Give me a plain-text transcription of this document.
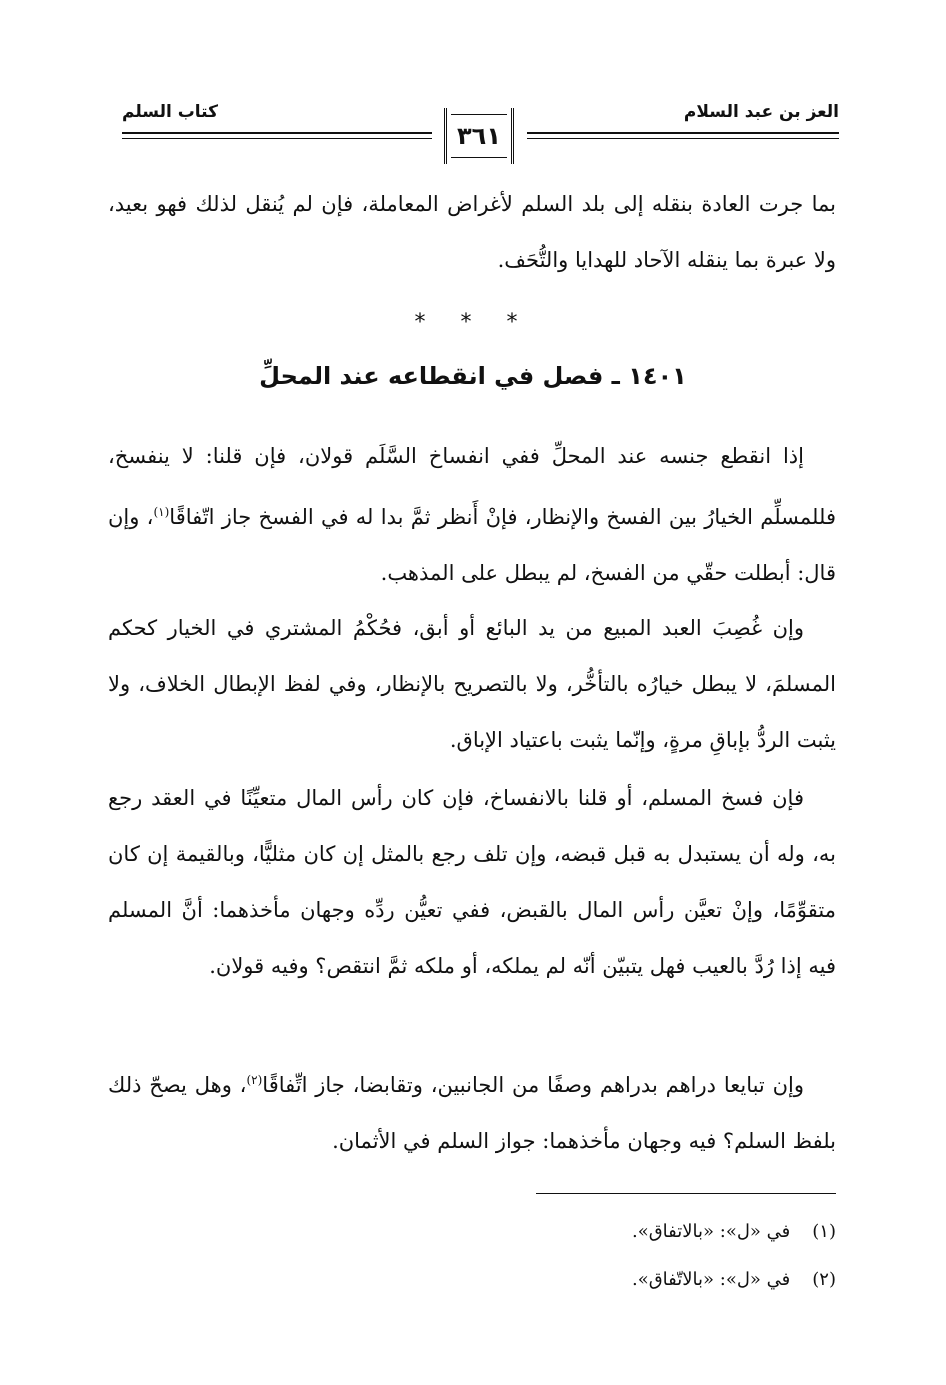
العز بن عبد السلام
كتاب السلم
٣٦١
بما جرت العادة بنقله إلى بلد السلم لأغراض المعاملة، فإن لم يُنقل لذلك فهو بعيد، ولا عبرة بما ينقله الآحاد للهدايا والتُّحَف.
* * *
١٤٠١ ـ فصل في انقطاعه عند المحلِّ
إذا انقطع جنسه عند المحلِّ ففي انفساخ السَّلَم قولان، فإن قلنا: لا ينفسخ، فللمسلِّم الخيارُ بين الفسخ والإنظار، فإنْ أَنظر ثمَّ بدا له في الفسخ جاز اتّفاقًا$^{(١)}$، وإن قال: أبطلت حقّي من الفسخ، لم يبطل على المذهب.
وإن غُصِبَ العبد المبيع من يد البائع أو أبق، فحُكْمُ المشتري في الخيار كحكم المسلمَ، لا يبطل خيارُه بالتأخُّر، ولا بالتصريح بالإنظار، وفي لفظ الإبطال الخلاف، ولا يثبت الردُّ بإباقِ مرةٍ، وإنّما يثبت باعتياد الإباق.
فإن فسخ المسلم، أو قلنا بالانفساخ، فإن كان رأس المال متعيِّنًا في العقد رجع به، وله أن يستبدل به قبل قبضه، وإن تلف رجع بالمثل إن كان مثليًّا، وبالقيمة إن كان متقوِّمًا، وإنْ تعيَّن رأس المال بالقبض، ففي تعيُّن ردِّه وجهان مأخذهما: أنَّ المسلم فيه إذا رُدَّ بالعيب فهل يتبيّن أنّه لم يملكه، أو ملكه ثمَّ انتقص؟ وفيه قولان.
وإن تبايعا دراهم بدراهم وصفًا من الجانبين، وتقابضا، جاز اتِّفاقًا$^{(٢)}$، وهل يصحّ ذلك بلفظ السلم؟ فيه وجهان مأخذهما: جواز السلم في الأثمان.
(١)في «ل»: «بالاتفاق».
(٢)في «ل»: «بالاتّفاق».
